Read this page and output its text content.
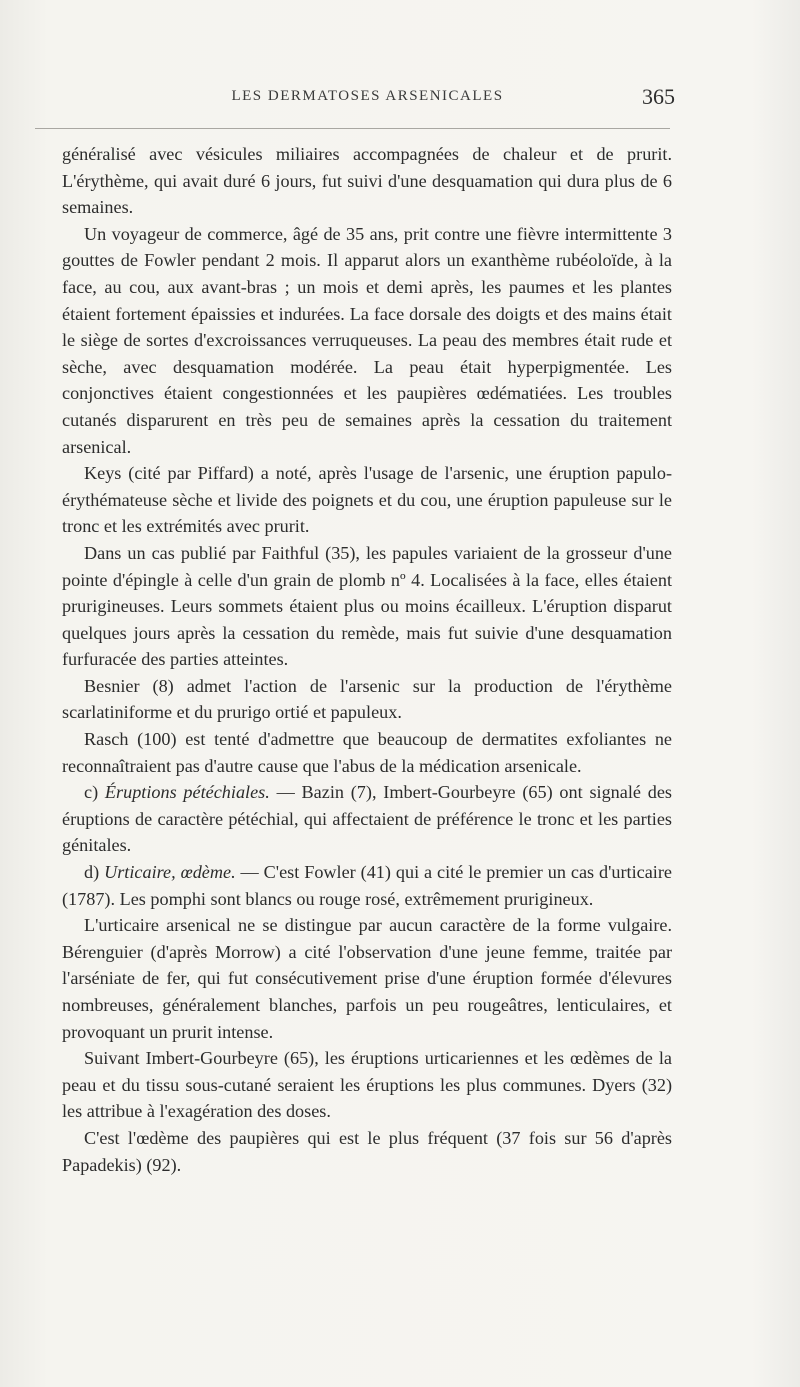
LES DERMATOSES ARSENICALES	365

généralisé avec vésicules miliaires accompagnées de chaleur et de prurit. L'érythème, qui avait duré 6 jours, fut suivi d'une desquamation qui dura plus de 6 semaines.

Un voyageur de commerce, âgé de 35 ans, prit contre une fièvre intermittente 3 gouttes de Fowler pendant 2 mois. Il apparut alors un exanthème rubéoloïde, à la face, au cou, aux avant-bras ; un mois et demi après, les paumes et les plantes étaient fortement épaissies et indurées. La face dorsale des doigts et des mains était le siège de sortes d'excroissances verruqueuses. La peau des membres était rude et sèche, avec desquamation modérée. La peau était hyperpigmentée. Les conjonctives étaient congestionnées et les paupières œdématiées. Les troubles cutanés disparurent en très peu de semaines après la cessation du traitement arsenical.

Keys (cité par Piffard) a noté, après l'usage de l'arsenic, une éruption papulo-érythémateuse sèche et livide des poignets et du cou, une éruption papuleuse sur le tronc et les extrémités avec prurit.

Dans un cas publié par Faithful (35), les papules variaient de la grosseur d'une pointe d'épingle à celle d'un grain de plomb nº 4. Localisées à la face, elles étaient prurigineuses. Leurs sommets étaient plus ou moins écailleux. L'éruption disparut quelques jours après la cessation du remède, mais fut suivie d'une desquamation furfuracée des parties atteintes.

Besnier (8) admet l'action de l'arsenic sur la production de l'érythème scarlatiniforme et du prurigo ortié et papuleux.

Rasch (100) est tenté d'admettre que beaucoup de dermatites exfoliantes ne reconnaîtraient pas d'autre cause que l'abus de la médication arsenicale.

c) Éruptions pétéchiales. — Bazin (7), Imbert-Gourbeyre (65) ont signalé des éruptions de caractère pétéchial, qui affectaient de préférence le tronc et les parties génitales.

d) Urticaire, œdème. — C'est Fowler (41) qui a cité le premier un cas d'urticaire (1787). Les pomphi sont blancs ou rouge rosé, extrêmement prurigineux.

L'urticaire arsenical ne se distingue par aucun caractère de la forme vulgaire. Bérenguier (d'après Morrow) a cité l'observation d'une jeune femme, traitée par l'arséniate de fer, qui fut consécutivement prise d'une éruption formée d'élevures nombreuses, généralement blanches, parfois un peu rougeâtres, lenticulaires, et provoquant un prurit intense.

Suivant Imbert-Gourbeyre (65), les éruptions urticariennes et les œdèmes de la peau et du tissu sous-cutané seraient les éruptions les plus communes. Dyers (32) les attribue à l'exagération des doses.

C'est l'œdème des paupières qui est le plus fréquent (37 fois sur 56 d'après Papadekis) (92).
